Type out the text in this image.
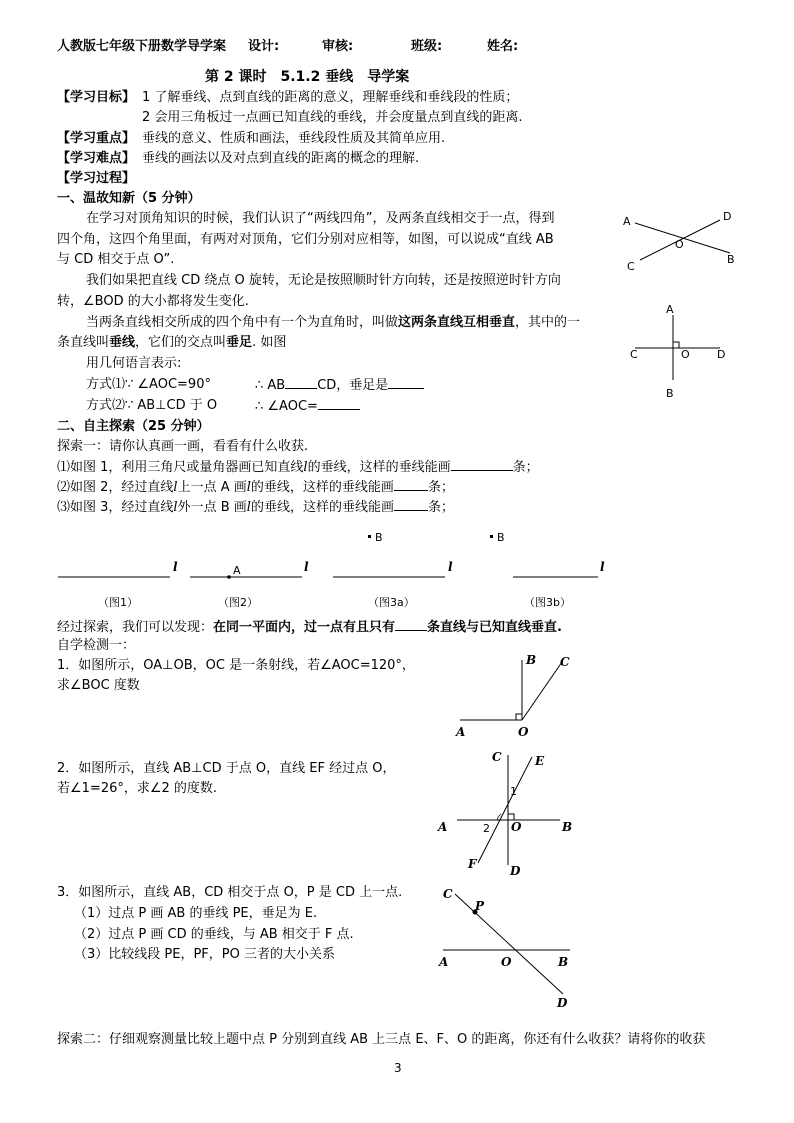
人教版七年级下册数学导学案 设计:	审核:	班级:	姓名:
第 2 课时　5.1.2 垂线　导学案
【学习目标】 1 了解垂线、点到直线的距离的意义，理解垂线和垂线段的性质；
2 会用三角板过一点画已知直线的垂线，并会度量点到直线的距离.
【学习重点】 垂线的意义、性质和画法，垂线段性质及其简单应用.
【学习难点】 垂线的画法以及对点到直线的距离的概念的理解.
【学习过程】
一、温故知新（5 分钟）
在学习对顶角知识的时候，我们认识了“两线四角”，及两条直线相交于一点，得到
四个角，这四个角里面，有两对对顶角，它们分别对应相等，如图，可以说成“直线 AB
与 CD 相交于点 O”.
我们如果把直线 CD 绕点 O 旋转，无论是按照顺时针方向转，还是按照逆时针方向
转，∠BOD 的大小都将发生变化.
当两条直线相交所成的四个角中有一个为直角时，叫做这两条直线互相垂直，其中的一
条直线叫垂线，它们的交点叫垂足. 如图
用几何语言表示:
方式⑴∵ ∠AOC=90°	∴ AB CD，垂足是
方式⑵∵ AB⊥CD 于 O	∴ ∠AOC=
A	D
O
B
C
A
C	O D
B
二、自主探索（25 分钟）
探索一：请你认真画一画，看看有什么收获.
⑴如图 1，利用三角尺或量角器画已知直线l的垂线，这样的垂线能画	条；
⑵如图 2，经过直线l上一点 A 画l的垂线，这样的垂线能画	条；
⑶如图 3，经过直线l外一点 B 画l的垂线，这样的垂线能画	条；
l	A	l
B
l
B
l
（图1）	（图2）	（图3a）	（图3b）
经过探索，我们可以发现：在同一平面内，过一点有且只有 条直线与已知直线垂直.
自学检测一：
1．如图所示，OA⊥OB，OC 是一条射线，若∠AOC=120°，
求∠BOC 度数
A	O
B C
2．如图所示，直线 AB⊥CD 于点 O，直线 EF 经过点 O，
若∠1=26°，求∠2 的度数.
A	B
C
D
E
F
O
1
2
3．如图所示，直线 AB，CD 相交于点 O，P 是 CD 上一点.
（1）过点 P 画 AB 的垂线 PE，垂足为 E.
（2）过点 P 画 CD 的垂线，与 AB 相交于 F 点.
（3）比较线段 PE，PF，PO 三者的大小关系
C
P
A	O	B
D
探索二：仔细观察测量比较上题中点 P 分别到直线 AB 上三点 E、F、O 的距离，你还有什么收获？请将你的收获
3
